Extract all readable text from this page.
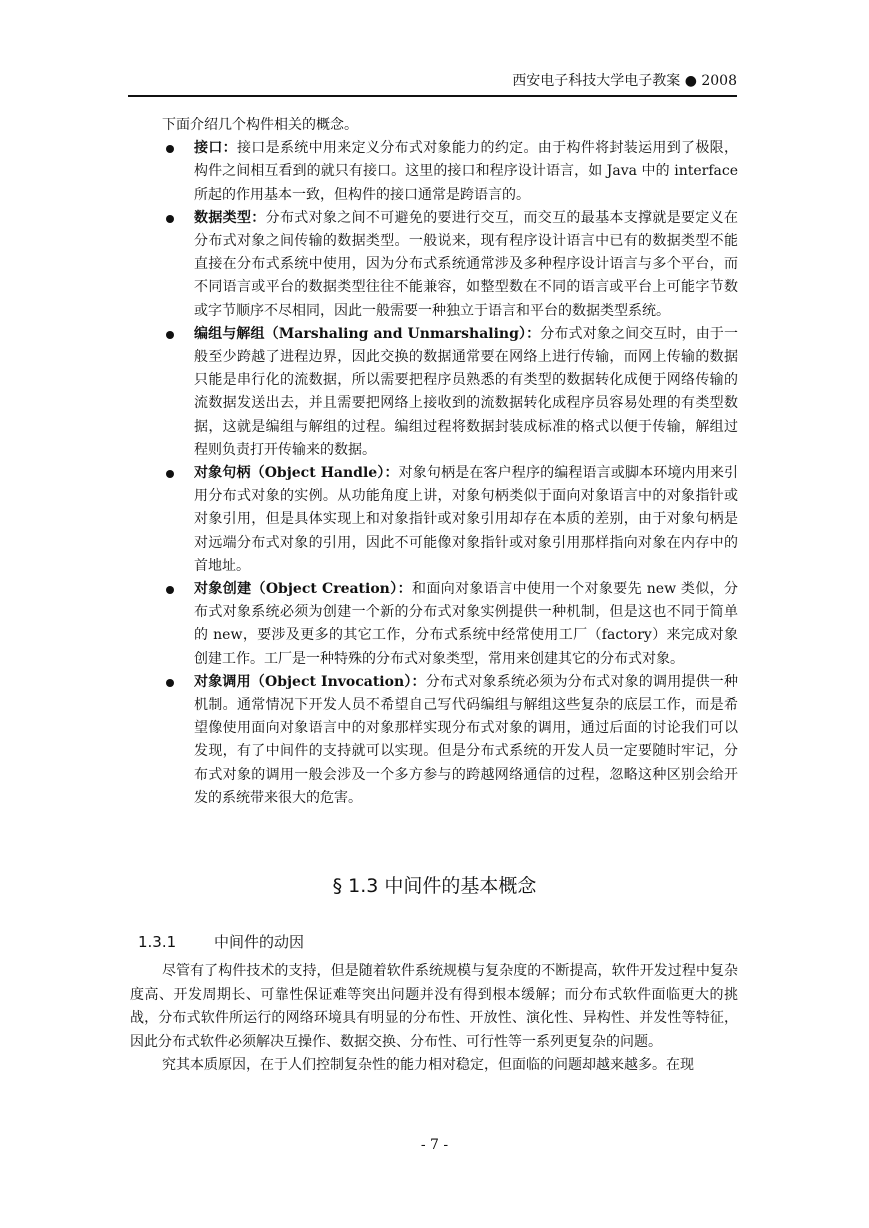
西安电子科技大学电子教案 ● 2008

下面介绍几个构件相关的概念。

接口：接口是系统中用来定义分布式对象能力的约定。由于构件将封装运用到了极限，构件之间相互看到的就只有接口。这里的接口和程序设计语言，如 Java 中的 interface 所起的作用基本一致，但构件的接口通常是跨语言的。
数据类型：分布式对象之间不可避免的要进行交互，而交互的最基本支撑就是要定义在分布式对象之间传输的数据类型。一般说来，现有程序设计语言中已有的数据类型不能直接在分布式系统中使用，因为分布式系统通常涉及多种程序设计语言与多个平台，而不同语言或平台的数据类型往往不能兼容，如整型数在不同的语言或平台上可能字节数或字节顺序不尽相同，因此一般需要一种独立于语言和平台的数据类型系统。
编组与解组（Marshaling and Unmarshaling）：分布式对象之间交互时，由于一般至少跨越了进程边界，因此交换的数据通常要在网络上进行传输，而网上传输的数据只能是串行化的流数据，所以需要把程序员熟悉的有类型的数据转化成便于网络传输的流数据发送出去，并且需要把网络上接收到的流数据转化成程序员容易处理的有类型数据，这就是编组与解组的过程。编组过程将数据封装成标准的格式以便于传输，解组过程则负责打开传输来的数据。
对象句柄（Object Handle）：对象句柄是在客户程序的编程语言或脚本环境内用来引用分布式对象的实例。从功能角度上讲，对象句柄类似于面向对象语言中的对象指针或对象引用，但是具体实现上和对象指针或对象引用却存在本质的差别，由于对象句柄是对远端分布式对象的引用，因此不可能像对象指针或对象引用那样指向对象在内存中的首地址。
对象创建（Object Creation）：和面向对象语言中使用一个对象要先 new 类似，分布式对象系统必须为创建一个新的分布式对象实例提供一种机制，但是这也不同于简单的 new，要涉及更多的其它工作，分布式系统中经常使用工厂（factory）来完成对象创建工作。工厂是一种特殊的分布式对象类型，常用来创建其它的分布式对象。
对象调用（Object Invocation）：分布式对象系统必须为分布式对象的调用提供一种机制。通常情况下开发人员不希望自己写代码编组与解组这些复杂的底层工作，而是希望像使用面向对象语言中的对象那样实现分布式对象的调用，通过后面的讨论我们可以发现，有了中间件的支持就可以实现。但是分布式系统的开发人员一定要随时牢记，分布式对象的调用一般会涉及一个多方参与的跨越网络通信的过程，忽略这种区别会给开发的系统带来很大的危害。
§ 1.3 中间件的基本概念
1.3.1	中间件的动因

尽管有了构件技术的支持，但是随着软件系统规模与复杂度的不断提高，软件开发过程中复杂度高、开发周期长、可靠性保证难等突出问题并没有得到根本缓解；而分布式软件面临更大的挑战，分布式软件所运行的网络环境具有明显的分布性、开放性、演化性、异构性、并发性等特征，因此分布式软件必须解决互操作、数据交换、分布性、可行性等一系列更复杂的问题。

究其本质原因，在于人们控制复杂性的能力相对稳定，但面临的问题却越来越多。在现

- 7 -
